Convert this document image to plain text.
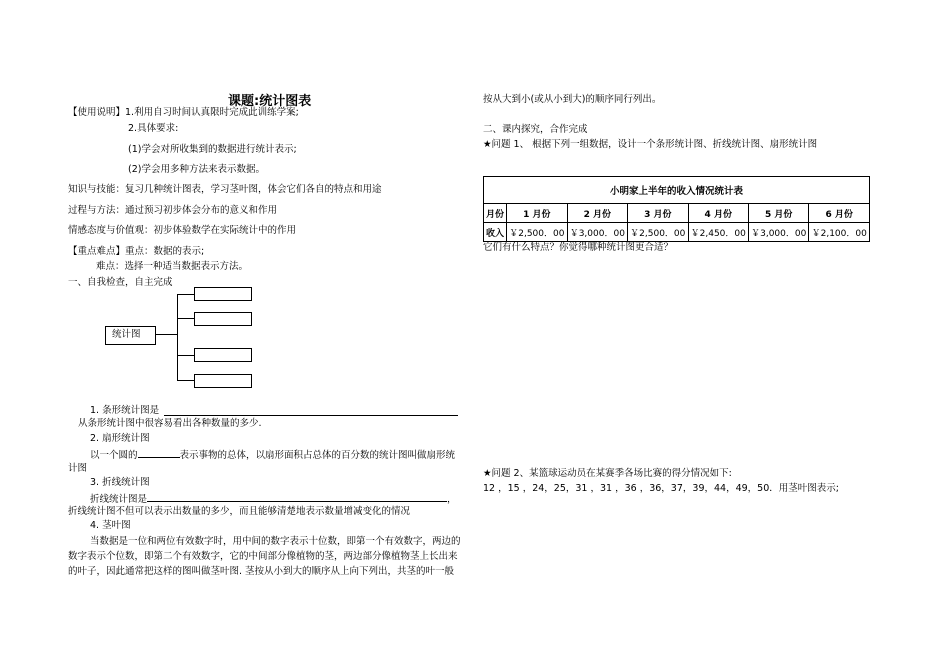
课题:统计图表
【使用说明】1.利用自习时间认真限时完成此训练学案;
2.具体要求:
(1)学会对所收集到的数据进行统计表示;
(2)学会用多种方法来表示数据。
知识与技能：复习几种统计图表，学习茎叶图，体会它们各自的特点和用途
过程与方法：通过预习初步体会分布的意义和作用
情感态度与价值观：初步体验数学在实际统计中的作用
【重点难点】重点：数据的表示;
难点：选择一种适当数据表示方法。
一、自我检查，自主完成
统计图
1. 条形统计图是
从条形统计图中很容易看出各种数量的多少.
2. 扇形统计图
以一个圆的	表示事物的总体，以扇形面积占总体的百分数的统计图叫做扇形统
计图
3. 折线统计图
折线统计图是	，
折线统计图不但可以表示出数量的多少，而且能够清楚地表示数量增减变化的情况
4. 茎叶图
当数据是一位和两位有效数字时，用中间的数字表示十位数，即第一个有效数字，两边的
数字表示个位数，即第二个有效数字，它的中间部分像植物的茎，两边部分像植物茎上长出来
的叶子，因此通常把这样的图叫做茎叶图. 茎按从小到大的顺序从上向下列出，共茎的叶一般
按从大到小(或从小到大)的顺序同行列出。
二、课内探究，合作完成
★问题 1、 根据下列一组数据，设计一个条形统计图、折线统计图、扇形统计图
小明家上半年的收入情况统计表						
月份	1 月份	2 月份	3 月份	4 月份	5 月份	6 月份
收入	￥2,500．00	￥3,000．00	￥2,500．00	￥2,450．00	￥3,000．00	￥2,100．00
它们有什么特点？你觉得哪种统计图更合适？
★问题 2、某篮球运动员在某赛季各场比赛的得分情况如下:
12 ，15 ，24，25，31 ，31 ，36 ，36，37，39，44，49，50．用茎叶图表示;
